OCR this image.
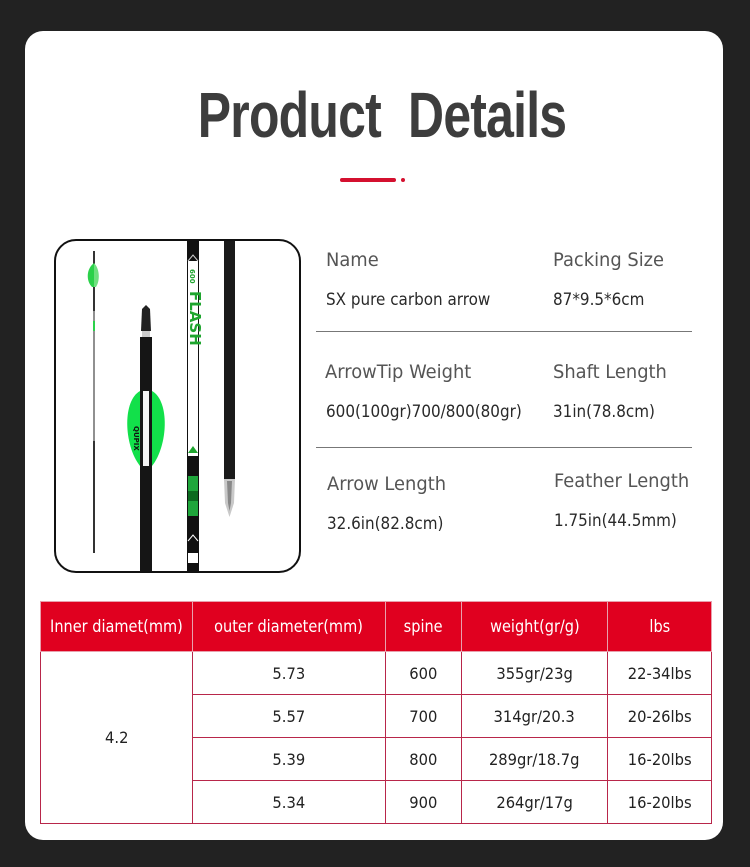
Product Details
QUPIX
FLASH
600
Name
SX pure carbon arrow
Packing Size
87*9.5*6cm
ArrowTip Weight
600(100gr)700/800(80gr)
Shaft Length
31in(78.8cm)
Arrow Length
32.6in(82.8cm)
Feather Length
1.75in(44.5mm)
Inner diamet(mm)	outer diameter(mm)	spine	weight(gr/g)	lbs
4.2	5.73	600	355gr/23g	22-34lbs
	5.57	700	314gr/20.3	20-26lbs
	5.39	800	289gr/18.7g	16-20lbs
	5.34	900	264gr/17g	16-20lbs
